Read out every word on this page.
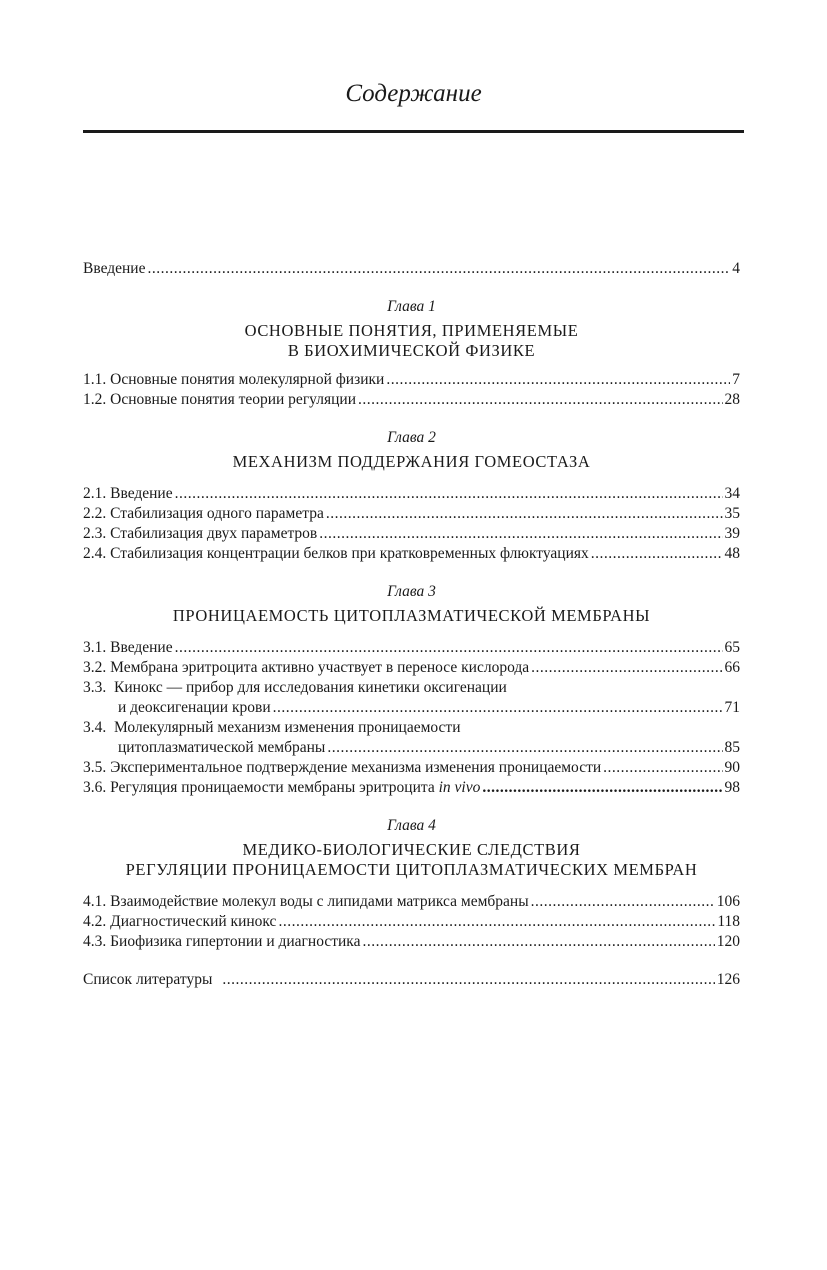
Содержание
Введение .....	4
Глава 1
ОСНОВНЫЕ ПОНЯТИЯ, ПРИМЕНЯЕМЫЕ
В БИОХИМИЧЕСКОЙ ФИЗИКЕ
1.1.
Основные понятия молекулярной физики .....	7
1.2.
Основные понятия теории регуляции .....	28
Глава 2
МЕХАНИЗМ ПОДДЕРЖАНИЯ ГОМЕОСТАЗА
2.1.
Введение .....	34
2.2.
Стабилизация одного параметра .....	35
2.3.
Стабилизация двух параметров .....	39
2.4.
Стабилизация концентрации белков при кратковременных флюктуациях .....	48
Глава 3
ПРОНИЦАЕМОСТЬ ЦИТОПЛАЗМАТИЧЕСКОЙ МЕМБРАНЫ
3.1.
Введение .....	65
3.2.
Мембрана эритроцита активно участвует в переносе кислорода .....	66
3.3. Кинокс — прибор для исследования кинетики оксигенации
и деоксигенации крови .....	71
3.4. Молекулярный механизм изменения проницаемости
цитоплазматической мембраны .....	85
3.5.
Экспериментальное подтверждение механизма изменения проницаемости .....	90
3.6.
Регуляция проницаемости мембраны эритроцита
in vivo .....	98
Глава 4
МЕДИКО-БИОЛОГИЧЕСКИЕ СЛЕДСТВИЯ
РЕГУЛЯЦИИ ПРОНИЦАЕМОСТИ ЦИТОПЛАЗМАТИЧЕСКИХ МЕМБРАН
4.1.
Взаимодействие молекул воды с липидами матрикса мембраны .....	106
4.2.
Диагностический кинокс .....	118
4.3.
Биофизика гипертонии и диагностика .....	120
Список литературы .....	126
